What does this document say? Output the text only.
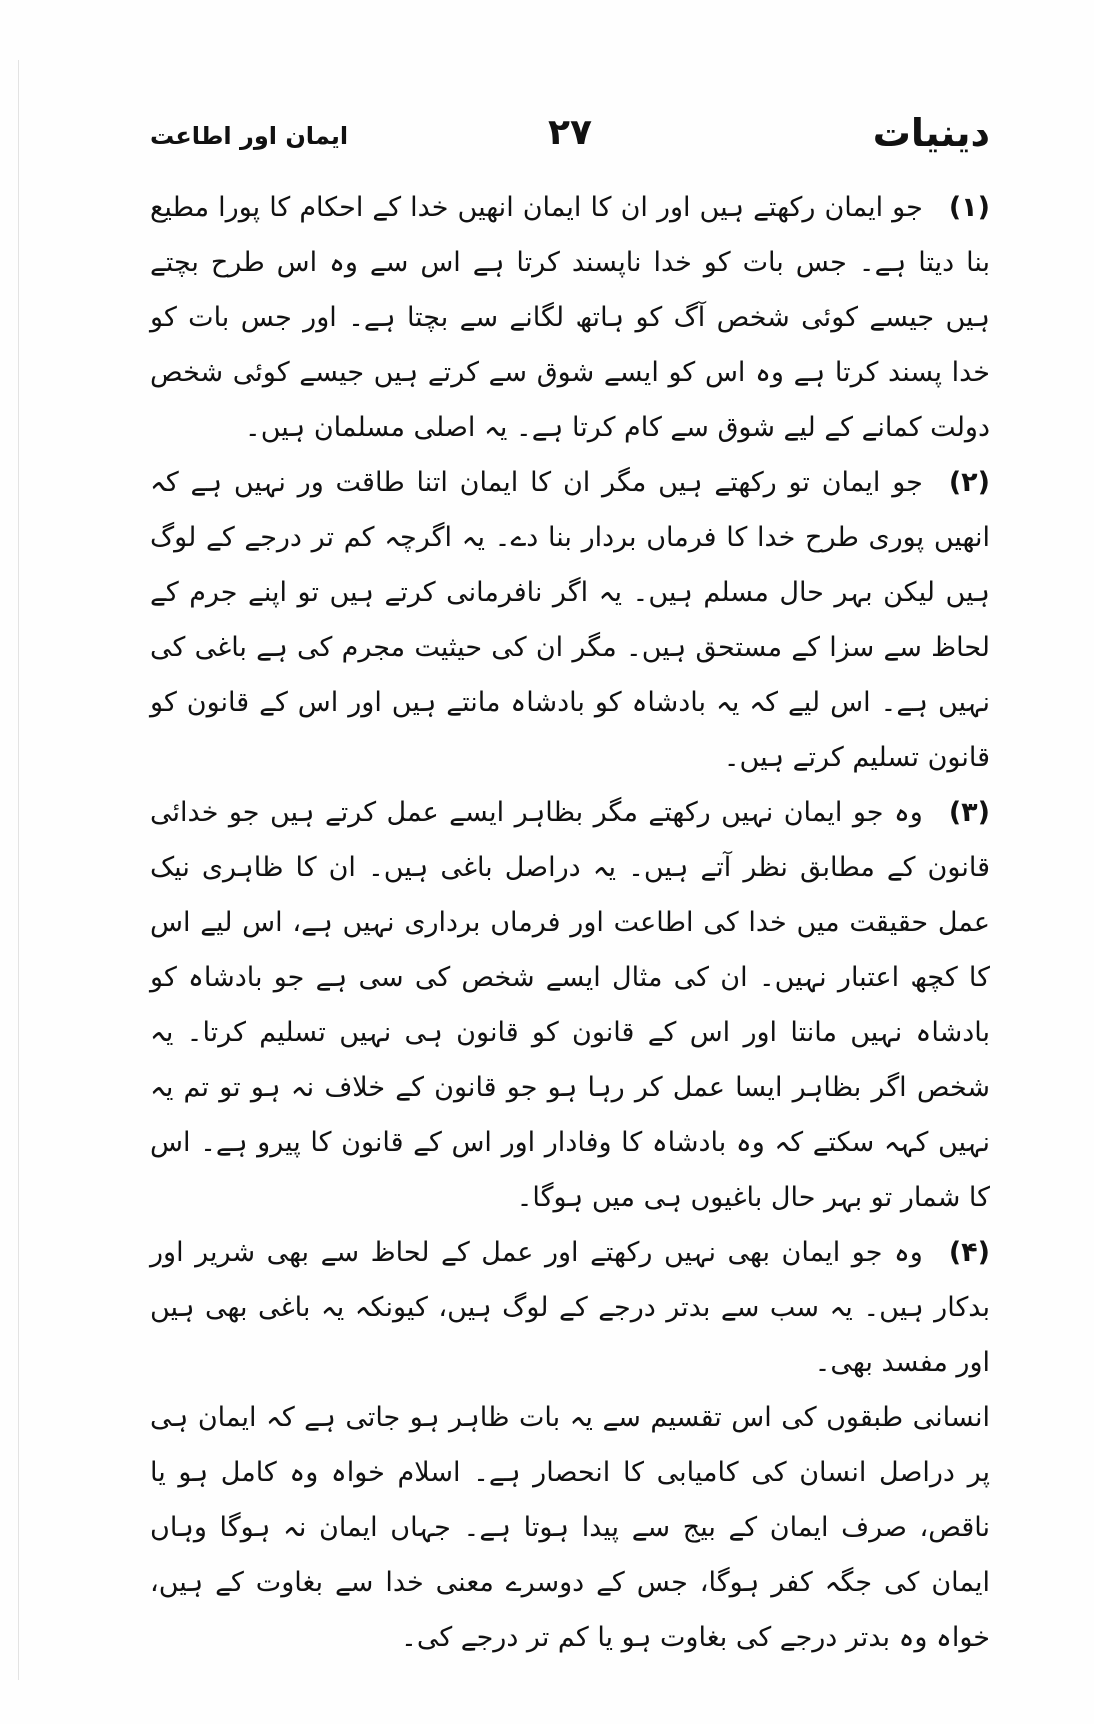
دینیات
۲۷
ایمان اور اطاعت

(۱)جو ایمان رکھتے ہیں اور ان کا ایمان انھیں خدا کے احکام کا پورا مطیع بنا دیتا ہے۔ جس بات کو خدا ناپسند کرتا ہے اس سے وہ اس طرح بچتے ہیں جیسے کوئی شخص آگ کو ہاتھ لگانے سے بچتا ہے۔ اور جس بات کو خدا پسند کرتا ہے وہ اس کو ایسے شوق سے کرتے ہیں جیسے کوئی شخص دولت کمانے کے لیے شوق سے کام کرتا ہے۔ یہ اصلی مسلمان ہیں۔

(۲)جو ایمان تو رکھتے ہیں مگر ان کا ایمان اتنا طاقت ور نہیں ہے کہ انھیں پوری طرح خدا کا فرماں بردار بنا دے۔ یہ اگرچہ کم تر درجے کے لوگ ہیں لیکن بہر حال مسلم ہیں۔ یہ اگر نافرمانی کرتے ہیں تو اپنے جرم کے لحاظ سے سزا کے مستحق ہیں۔ مگر ان کی حیثیت مجرم کی ہے باغی کی نہیں ہے۔ اس لیے کہ یہ بادشاہ کو بادشاہ مانتے ہیں اور اس کے قانون کو قانون تسلیم کرتے ہیں۔

(۳)وہ جو ایمان نہیں رکھتے مگر بظاہر ایسے عمل کرتے ہیں جو خدائی قانون کے مطابق نظر آتے ہیں۔ یہ دراصل باغی ہیں۔ ان کا ظاہری نیک عمل حقیقت میں خدا کی اطاعت اور فرماں برداری نہیں ہے، اس لیے اس کا کچھ اعتبار نہیں۔ ان کی مثال ایسے شخص کی سی ہے جو بادشاہ کو بادشاہ نہیں مانتا اور اس کے قانون کو قانون ہی نہیں تسلیم کرتا۔ یہ شخص اگر بظاہر ایسا عمل کر رہا ہو جو قانون کے خلاف نہ ہو تو تم یہ نہیں کہہ سکتے کہ وہ بادشاہ کا وفادار اور اس کے قانون کا پیرو ہے۔ اس کا شمار تو بہر حال باغیوں ہی میں ہوگا۔

(۴)وہ جو ایمان بھی نہیں رکھتے اور عمل کے لحاظ سے بھی شریر اور بدکار ہیں۔ یہ سب سے بدتر درجے کے لوگ ہیں، کیونکہ یہ باغی بھی ہیں اور مفسد بھی۔

انسانی طبقوں کی اس تقسیم سے یہ بات ظاہر ہو جاتی ہے کہ ایمان ہی پر دراصل انسان کی کامیابی کا انحصار ہے۔ اسلام خواہ وہ کامل ہو یا ناقص، صرف ایمان کے بیج سے پیدا ہوتا ہے۔ جہاں ایمان نہ ہوگا وہاں ایمان کی جگہ کفر ہوگا، جس کے دوسرے معنی خدا سے بغاوت کے ہیں، خواہ وہ بدتر درجے کی بغاوت ہو یا کم تر درجے کی۔
